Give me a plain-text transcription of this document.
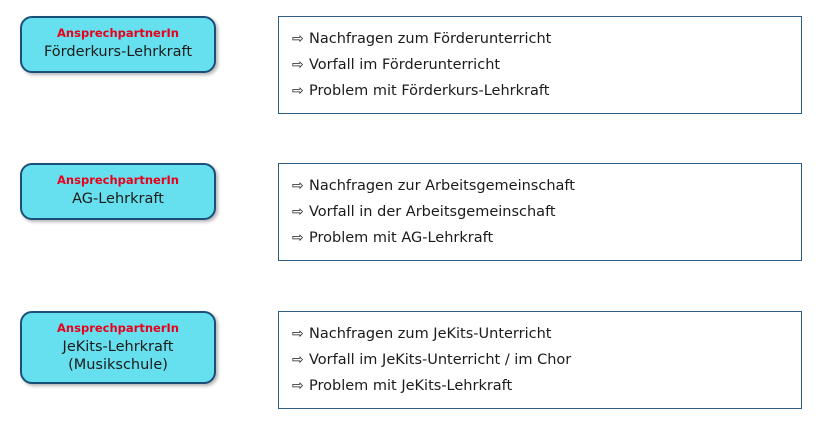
AnsprechpartnerIn
Förderkurs-Lehrkraft
⇨ Nachfragen zum Förderunterricht
⇨ Vorfall im Förderunterricht
⇨ Problem mit Förderkurs-Lehrkraft
AnsprechpartnerIn
AG-Lehrkraft
⇨ Nachfragen zur Arbeitsgemeinschaft
⇨ Vorfall in der Arbeitsgemeinschaft
⇨ Problem mit AG-Lehrkraft
AnsprechpartnerIn
JeKits-Lehrkraft
(Musikschule)
⇨ Nachfragen zum JeKits-Unterricht
⇨ Vorfall im JeKits-Unterricht / im Chor
⇨ Problem mit JeKits-Lehrkraft
